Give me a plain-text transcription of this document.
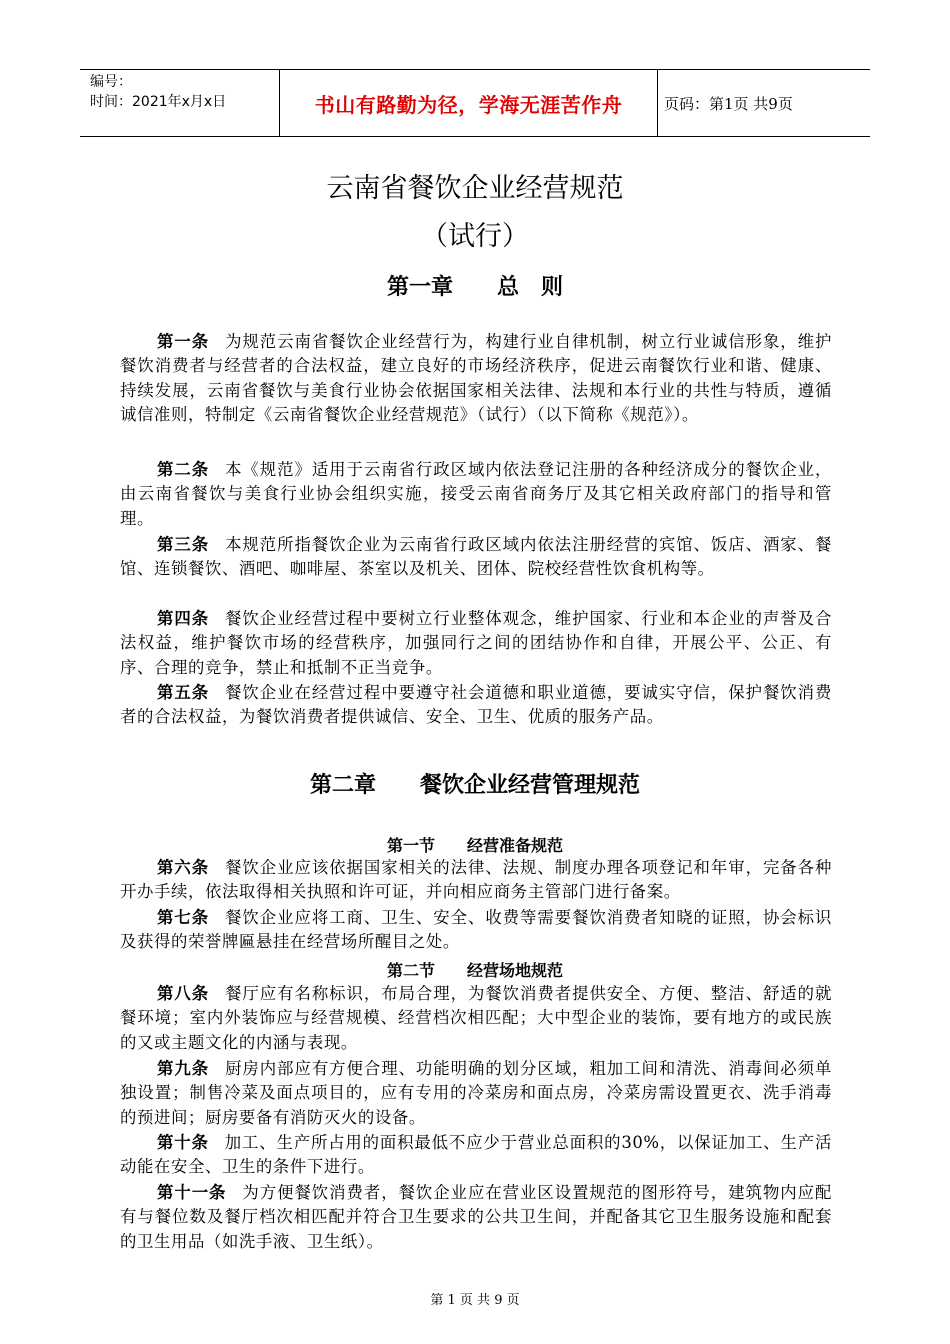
编号：
时间：2021年x月x日	书山有路勤为径，学海无涯苦作舟	页码：第1页 共9页
云南省餐饮企业经营规范
（试行）
第一章　　总　则
第一条 为规范云南省餐饮企业经营行为，构建行业自律机制，树立行业诚信形象，维护餐饮消费者与经营者的合法权益，建立良好的市场经济秩序，促进云南餐饮行业和谐、健康、持续发展，云南省餐饮与美食行业协会依据国家相关法律、法规和本行业的共性与特质，遵循诚信准则，特制定《云南省餐饮企业经营规范》（试行）（以下简称《规范》）。
第二条 本《规范》适用于云南省行政区域内依法登记注册的各种经济成分的餐饮企业，由云南省餐饮与美食行业协会组织实施，接受云南省商务厅及其它相关政府部门的指导和管理。
第三条 本规范所指餐饮企业为云南省行政区域内依法注册经营的宾馆、饭店、酒家、餐馆、连锁餐饮、酒吧、咖啡屋、茶室以及机关、团体、院校经营性饮食机构等。
第四条 餐饮企业经营过程中要树立行业整体观念，维护国家、行业和本企业的声誉及合法权益，维护餐饮市场的经营秩序，加强同行之间的团结协作和自律，开展公平、公正、有序、合理的竞争，禁止和抵制不正当竞争。
第五条 餐饮企业在经营过程中要遵守社会道德和职业道德，要诚实守信，保护餐饮消费者的合法权益，为餐饮消费者提供诚信、安全、卫生、优质的服务产品。
第二章　　餐饮企业经营管理规范
第一节　　经营准备规范
第六条 餐饮企业应该依据国家相关的法律、法规、制度办理各项登记和年审，完备各种开办手续，依法取得相关执照和许可证，并向相应商务主管部门进行备案。
第七条 餐饮企业应将工商、卫生、安全、收费等需要餐饮消费者知晓的证照，协会标识及获得的荣誉牌匾悬挂在经营场所醒目之处。
第二节　　经营场地规范
第八条 餐厅应有名称标识，布局合理，为餐饮消费者提供安全、方便、整洁、舒适的就餐环境；室内外装饰应与经营规模、经营档次相匹配；大中型企业的装饰，要有地方的或民族的又或主题文化的内涵与表现。
第九条 厨房内部应有方便合理、功能明确的划分区域，粗加工间和清洗、消毒间必须单独设置；制售冷菜及面点项目的，应有专用的冷菜房和面点房，冷菜房需设置更衣、洗手消毒的预进间；厨房要备有消防灭火的设备。
第十条 加工、生产所占用的面积最低不应少于营业总面积的30%，以保证加工、生产活动能在安全、卫生的条件下进行。
第十一条 为方便餐饮消费者，餐饮企业应在营业区设置规范的图形符号，建筑物内应配有与餐位数及餐厅档次相匹配并符合卫生要求的公共卫生间，并配备其它卫生服务设施和配套的卫生用品（如洗手液、卫生纸）。
第 1 页 共 9 页
